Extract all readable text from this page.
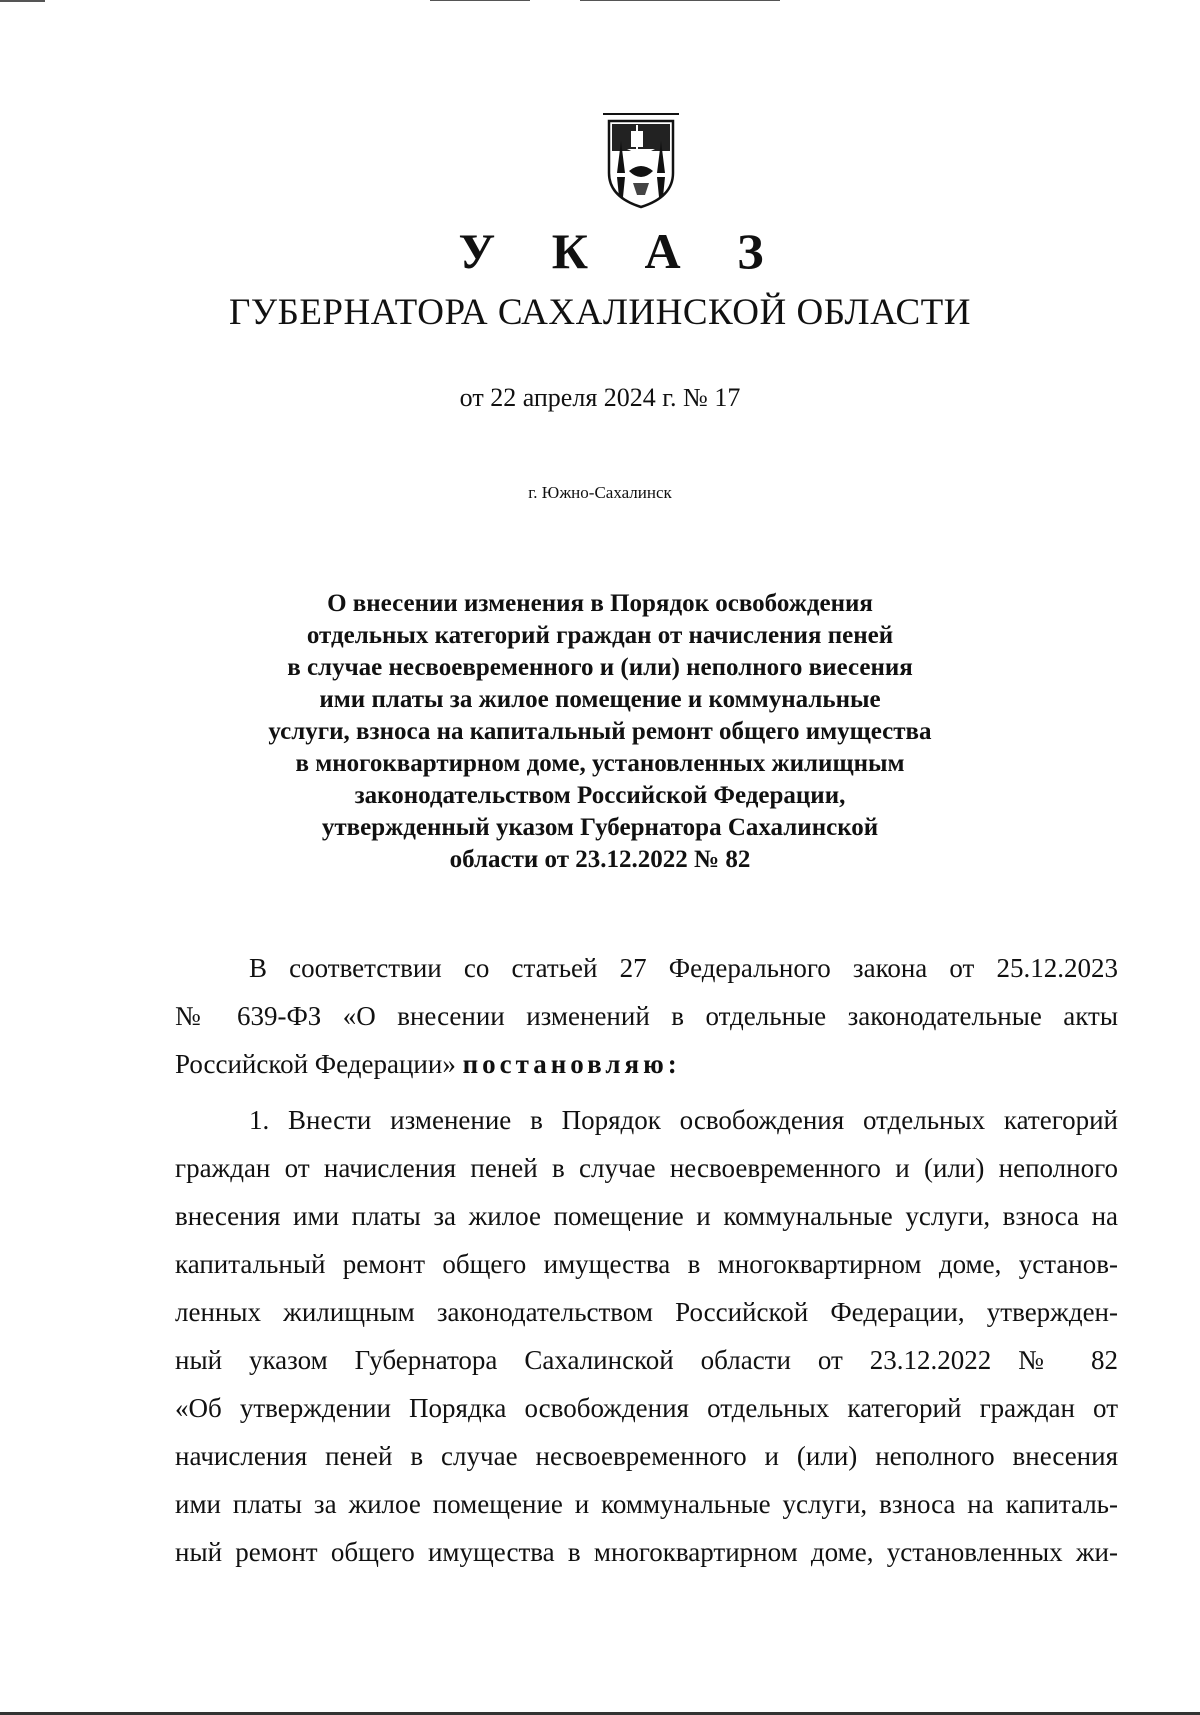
У К А З
ГУБЕРНАТОРА САХАЛИНСКОЙ ОБЛАСТИ
от 22 апреля 2024 г. № 17
г. Южно-Сахалинск
О внесении изменения в Порядок освобождения
отдельных категорий граждан от начисления пеней
в случае несвоевременного и (или) неполного виесения
ими платы за жилое помещение и коммунальные
услуги, взноса на капитальный ремонт общего имущества
в многоквартирном доме, установленных жилищным
законодательством Российской Федерации,
утвержденный указом Губернатора Сахалинской
области от 23.12.2022 № 82
В соответствии со статьей 27 Федерального закона от 25.12.2023
№ 639-ФЗ «О внесении изменений в отдельные законодательные акты
Российской Федерации» постановляю:
1. Внести изменение в Порядок освобождения отдельных категорий
граждан от начисления пеней в случае несвоевременного и (или) неполного
внесения ими платы за жилое помещение и коммунальные услуги, взноса на
капитальный ремонт общего имущества в многоквартирном доме, установ-
ленных жилищным законодательством Российской Федерации, утвержден-
ный указом Губернатора Сахалинской области от 23.12.2022 № 82
«Об утверждении Порядка освобождения отдельных категорий граждан от
начисления пеней в случае несвоевременного и (или) неполного внесения
ими платы за жилое помещение и коммунальные услуги, взноса на капиталь-
ный ремонт общего имущества в многоквартирном доме, установленных жи-
